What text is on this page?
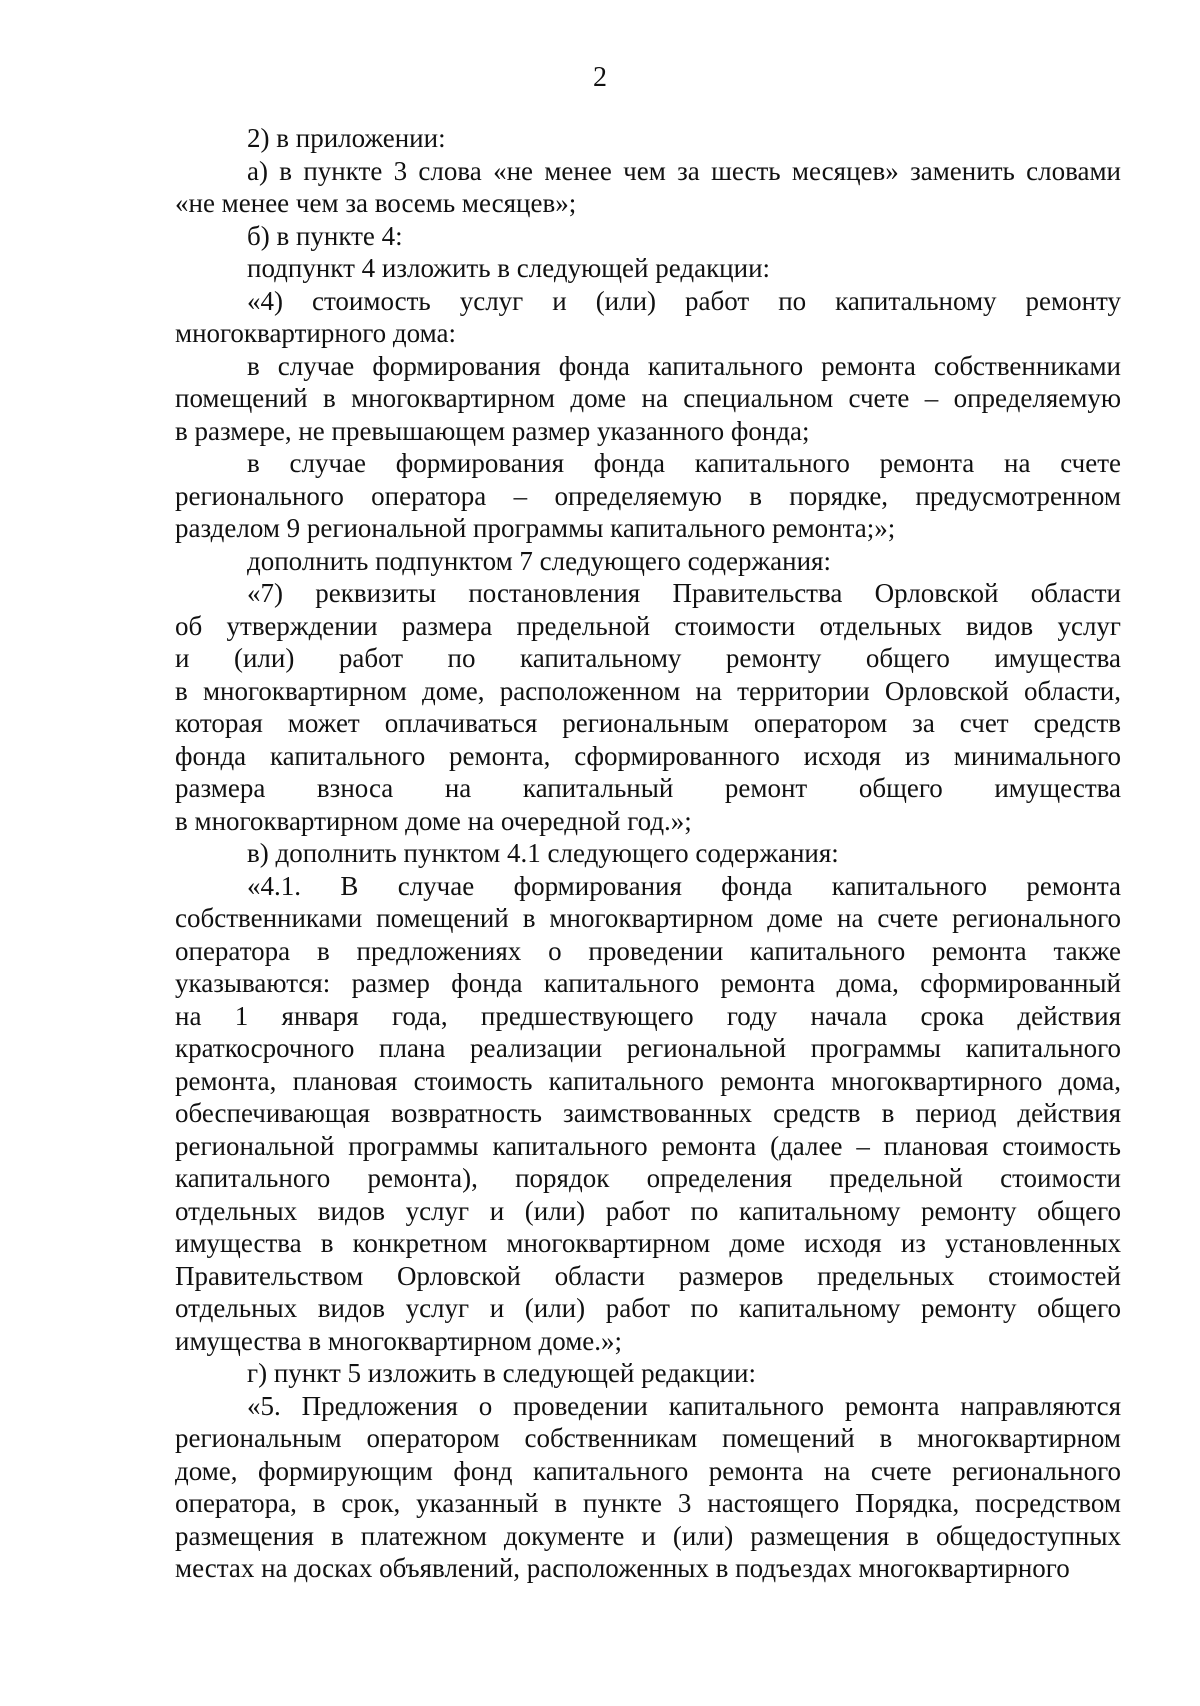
2
2) в приложении:
а) в пункте 3 слова «не менее чем за шесть месяцев» заменить словами
«не менее чем за восемь месяцев»;
б) в пункте 4:
подпункт 4 изложить в следующей редакции:
«4) стоимость услуг и (или) работ по капитальному ремонту
многоквартирного дома:
в случае формирования фонда капитального ремонта собственниками
помещений в многоквартирном доме на специальном счете – определяемую
в размере, не превышающем размер указанного фонда;
в случае формирования фонда капитального ремонта на счете
регионального оператора – определяемую в порядке, предусмотренном
разделом 9 региональной программы капитального ремонта;»;
дополнить подпунктом 7 следующего содержания:
«7) реквизиты постановления Правительства Орловской области
об утверждении размера предельной стоимости отдельных видов услуг
и (или) работ по капитальному ремонту общего имущества
в многоквартирном доме, расположенном на территории Орловской области,
которая может оплачиваться региональным оператором за счет средств
фонда капитального ремонта, сформированного исходя из минимального
размера взноса на капитальный ремонт общего имущества
в многоквартирном доме на очередной год.»;
в) дополнить пунктом 4.1 следующего содержания:
«4.1. В случае формирования фонда капитального ремонта
собственниками помещений в многоквартирном доме на счете регионального
оператора в предложениях о проведении капитального ремонта также
указываются: размер фонда капитального ремонта дома, сформированный
на 1 января года, предшествующего году начала срока действия
краткосрочного плана реализации региональной программы капитального
ремонта, плановая стоимость капитального ремонта многоквартирного дома,
обеспечивающая возвратность заимствованных средств в период действия
региональной программы капитального ремонта (далее – плановая стоимость
капитального ремонта), порядок определения предельной стоимости
отдельных видов услуг и (или) работ по капитальному ремонту общего
имущества в конкретном многоквартирном доме исходя из установленных
Правительством Орловской области размеров предельных стоимостей
отдельных видов услуг и (или) работ по капитальному ремонту общего
имущества в многоквартирном доме.»;
г) пункт 5 изложить в следующей редакции:
«5. Предложения о проведении капитального ремонта направляются
региональным оператором собственникам помещений в многоквартирном
доме, формирующим фонд капитального ремонта на счете регионального
оператора, в срок, указанный в пункте 3 настоящего Порядка, посредством
размещения в платежном документе и (или) размещения в общедоступных
местах на досках объявлений, расположенных в подъездах многоквартирного
